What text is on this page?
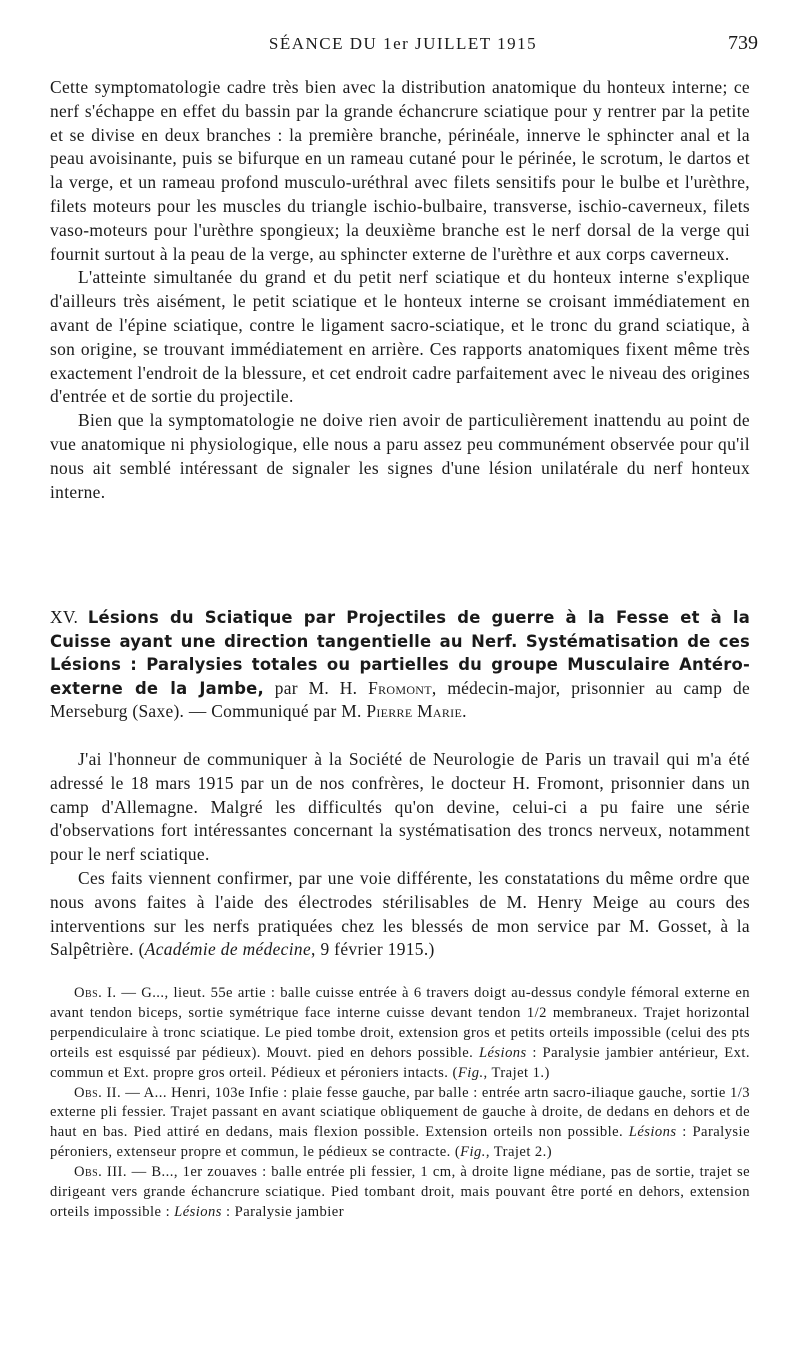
SÉANCE DU 1er JUILLET 1915	739

Cette symptomatologie cadre très bien avec la distribution anatomique du honteux interne; ce nerf s'échappe en effet du bassin par la grande échancrure sciatique pour y rentrer par la petite et se divise en deux branches : la première branche, périnéale, innerve le sphincter anal et la peau avoisinante, puis se bifurque en un rameau cutané pour le périnée, le scrotum, le dartos et la verge, et un rameau profond musculo-uréthral avec filets sensitifs pour le bulbe et l'urèthre, filets moteurs pour les muscles du triangle ischio-bulbaire, transverse, ischio-caverneux, filets vaso-moteurs pour l'urèthre spongieux; la deuxième branche est le nerf dorsal de la verge qui fournit surtout à la peau de la verge, au sphincter externe de l'urèthre et aux corps caverneux.

L'atteinte simultanée du grand et du petit nerf sciatique et du honteux interne s'explique d'ailleurs très aisément, le petit sciatique et le honteux interne se croisant immédiatement en avant de l'épine sciatique, contre le ligament sacro-sciatique, et le tronc du grand sciatique, à son origine, se trouvant immédiatement en arrière. Ces rapports anatomiques fixent même très exactement l'endroit de la blessure, et cet endroit cadre parfaitement avec le niveau des origines d'entrée et de sortie du projectile.

Bien que la symptomatologie ne doive rien avoir de particulièrement inattendu au point de vue anatomique ni physiologique, elle nous a paru assez peu communément observée pour qu'il nous ait semblé intéressant de signaler les signes d'une lésion unilatérale du nerf honteux interne.

XV. Lésions du Sciatique par Projectiles de guerre à la Fesse et à la Cuisse ayant une direction tangentielle au Nerf. Systématisation de ces Lésions : Paralysies totales ou partielles du groupe Musculaire Antéro-externe de la Jambe, par M. H. Fromont, médecin-major, prisonnier au camp de Merseburg (Saxe). — Communiqué par M. Pierre Marie.

J'ai l'honneur de communiquer à la Société de Neurologie de Paris un travail qui m'a été adressé le 18 mars 1915 par un de nos confrères, le docteur H. Fromont, prisonnier dans un camp d'Allemagne. Malgré les difficultés qu'on devine, celui-ci a pu faire une série d'observations fort intéressantes concernant la systématisation des troncs nerveux, notamment pour le nerf sciatique.

Ces faits viennent confirmer, par une voie différente, les constatations du même ordre que nous avons faites à l'aide des électrodes stérilisables de M. Henry Meige au cours des interventions sur les nerfs pratiquées chez les blessés de mon service par M. Gosset, à la Salpêtrière. (Académie de médecine, 9 février 1915.)

Obs. I. — G..., lieut. 55e artie : balle cuisse entrée à 6 travers doigt au-dessus condyle fémoral externe en avant tendon biceps, sortie symétrique face interne cuisse devant tendon 1/2 membraneux. Trajet horizontal perpendiculaire à tronc sciatique. Le pied tombe droit, extension gros et petits orteils impossible (celui des pts orteils est esquissé par pédieux). Mouvt. pied en dehors possible. Lésions : Paralysie jambier antérieur, Ext. commun et Ext. propre gros orteil. Pédieux et péroniers intacts. (Fig., Trajet 1.)

Obs. II. — A... Henri, 103e Infie : plaie fesse gauche, par balle : entrée artn sacro-iliaque gauche, sortie 1/3 externe pli fessier. Trajet passant en avant sciatique obliquement de gauche à droite, de dedans en dehors et de haut en bas. Pied attiré en dedans, mais flexion possible. Extension orteils non possible. Lésions : Paralysie péroniers, extenseur propre et commun, le pédieux se contracte. (Fig., Trajet 2.)

Obs. III. — B..., 1er zouaves : balle entrée pli fessier, 1 cm, à droite ligne médiane, pas de sortie, trajet se dirigeant vers grande échancrure sciatique. Pied tombant droit, mais pouvant être porté en dehors, extension orteils impossible : Lésions : Paralysie jambier
